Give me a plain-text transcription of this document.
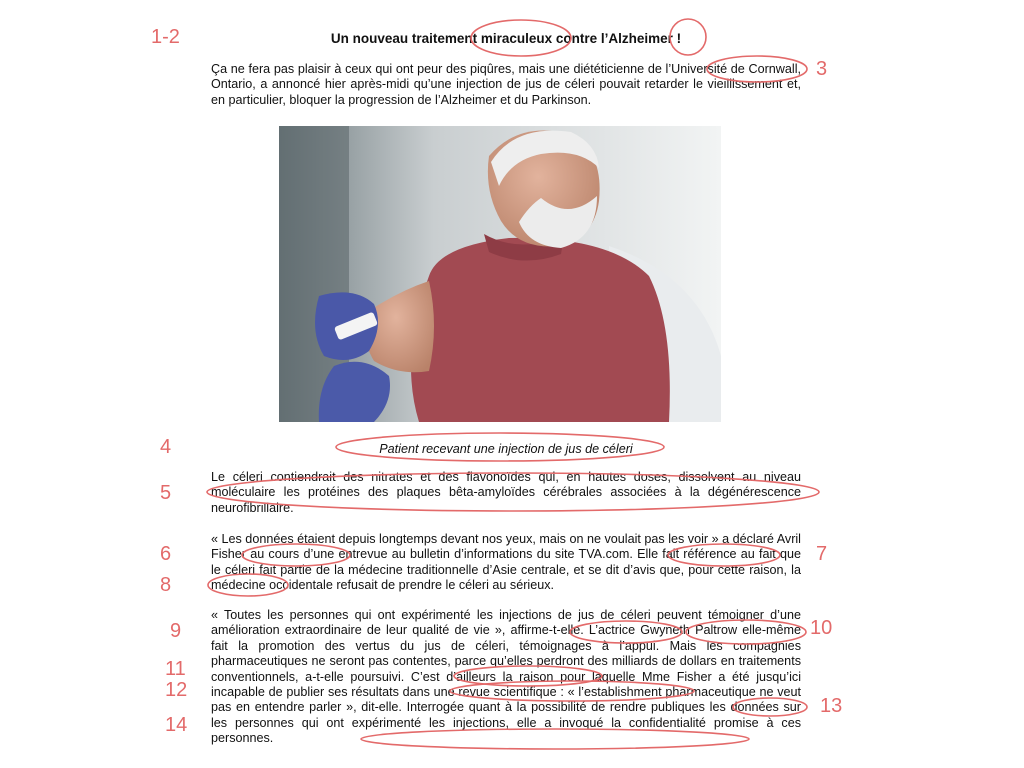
Un nouveau traitement miraculeux contre l’Alzheimer !

Ça ne fera pas plaisir à ceux qui ont peur des piqûres, mais une diététicienne de l’Université de Cornwall, Ontario, a annoncé hier après-midi qu’une injection de jus de céleri pouvait retarder le vieillissement et, en particulier, bloquer la progression de l’Alzheimer et du Parkinson.

Patient recevant une injection de jus de céleri

Le céleri contiendrait des nitrates et des flavonoïdes qui, en hautes doses, dissolvent au niveau moléculaire les protéines des plaques bêta-amyloïdes cérébrales associées à la dégénérescence neurofibrillaire.

« Les données étaient depuis longtemps devant nos yeux, mais on ne voulait pas les voir » a déclaré Avril Fisher au cours d’une entrevue au bulletin d’informations du site TVA.com. Elle fait référence au fait que le céleri fait partie de la médecine traditionnelle d’Asie centrale, et se dit d’avis que, pour cette raison, la médecine occidentale refusait de prendre le céleri au sérieux.

« Toutes les personnes qui ont expérimenté les injections de jus de céleri peuvent témoigner d’une amélioration extraordinaire de leur qualité de vie », affirme-t-elle. L’actrice Gwyneth Paltrow elle-même fait la promotion des vertus du jus de céleri, témoignages à l’appui. Mais les compagnies pharmaceutiques ne seront pas contentes, parce qu’elles perdront des milliards de dollars en traitements conventionnels, a-t-elle poursuivi. C’est d’ailleurs la raison pour laquelle Mme Fisher a été jusqu’ici incapable de publier ses résultats dans une revue scientifique : « l’establishment pharmaceutique ne veut pas en entendre parler », dit-elle. Interrogée quant à la possibilité de rendre publiques les données sur les personnes qui ont expérimenté les injections, elle a invoqué la confidentialité promise à ces personnes.

1-2
3
4
5
6	7
8
9	10
11
12
13
14
